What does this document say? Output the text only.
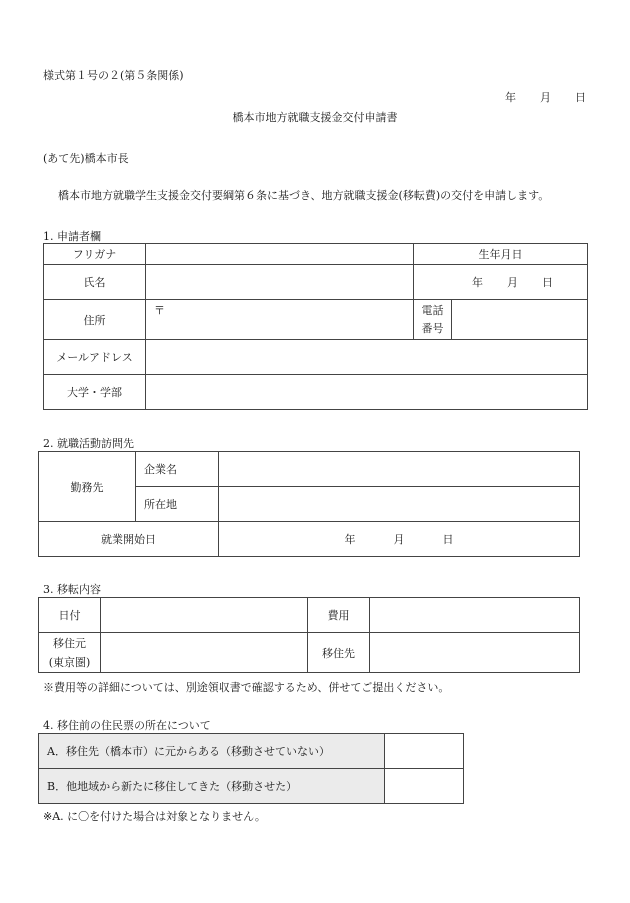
様式第１号の２(第５条関係)
年 月 日
橋本市地方就職支援金交付申請書
(あて先)橋本市長
橋本市地方就職学生支援金交付要綱第６条に基づき、地方就職支援金(移転費)の交付を申請します。
1. 申請者欄
フリガナ		生年月日	
氏名		年 月 日	
住所	〒	電話
番号	
メールアドレス			
大学・学部			
2. 就職活動訪問先
勤務先	企業名	
	所在地	
就業開始日		年 月 日
3. 移転内容
日付		費用	
移住元
(東京圏)		移住先	
※費用等の詳細については、別途領収書で確認するため、併せてご提出ください。
4. 移住前の住民票の所在について
A．移住先（橋本市）に元からある（移動させていない）	
B．他地域から新たに移住してきた（移動させた）	
※A. に〇を付けた場合は対象となりません。
